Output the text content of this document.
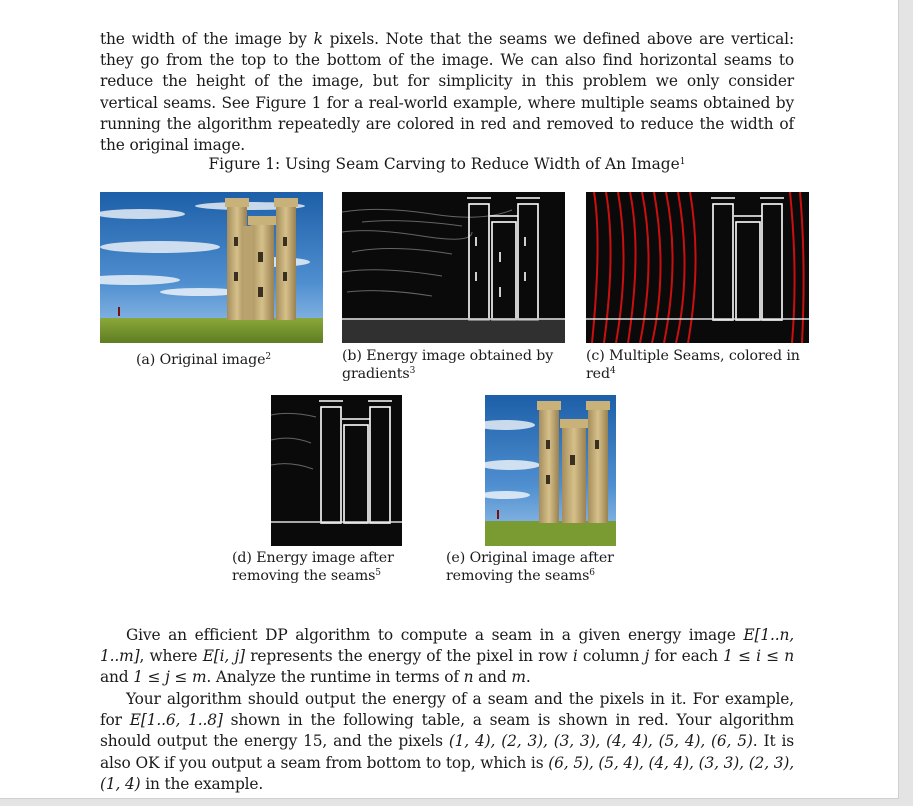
the width of the image by k pixels. Note that the seams we defined above are vertical: they go from the top to the bottom of the image. We can also find horizontal seams to reduce the height of the image, but for simplicity in this problem we only consider vertical seams. See Figure 1 for a real-world example, where multiple seams obtained by running the algorithm repeatedly are colored in red and removed to reduce the width of the original image.

Figure 1: Using Seam Carving to Reduce Width of An Image$^1$
(a) Original image$^2$	(b) Energy image obtained by gradients$^3$
(c) Multiple Seams, colored in red$^4$
(d) Energy image after removing the seams$^5$
(e) Original image after removing the seams$^6$

Give an efficient DP algorithm to compute a seam in a given energy image E[1..n, 1..m], where E[i, j] represents the energy of the pixel in row i column j for each 1 ≤ i ≤ n and 1 ≤ j ≤ m. Analyze the runtime in terms of n and m.

Your algorithm should output the energy of a seam and the pixels in it. For example, for E[1..6, 1..8] shown in the following table, a seam is shown in red. Your algorithm should output the energy 15, and the pixels (1, 4), (2, 3), (3, 3), (4, 4), (5, 4), (6, 5). It is also OK if you output a seam from bottom to top, which is (6, 5), (5, 4), (4, 4), (3, 3), (2, 3), (1, 4) in the example.
